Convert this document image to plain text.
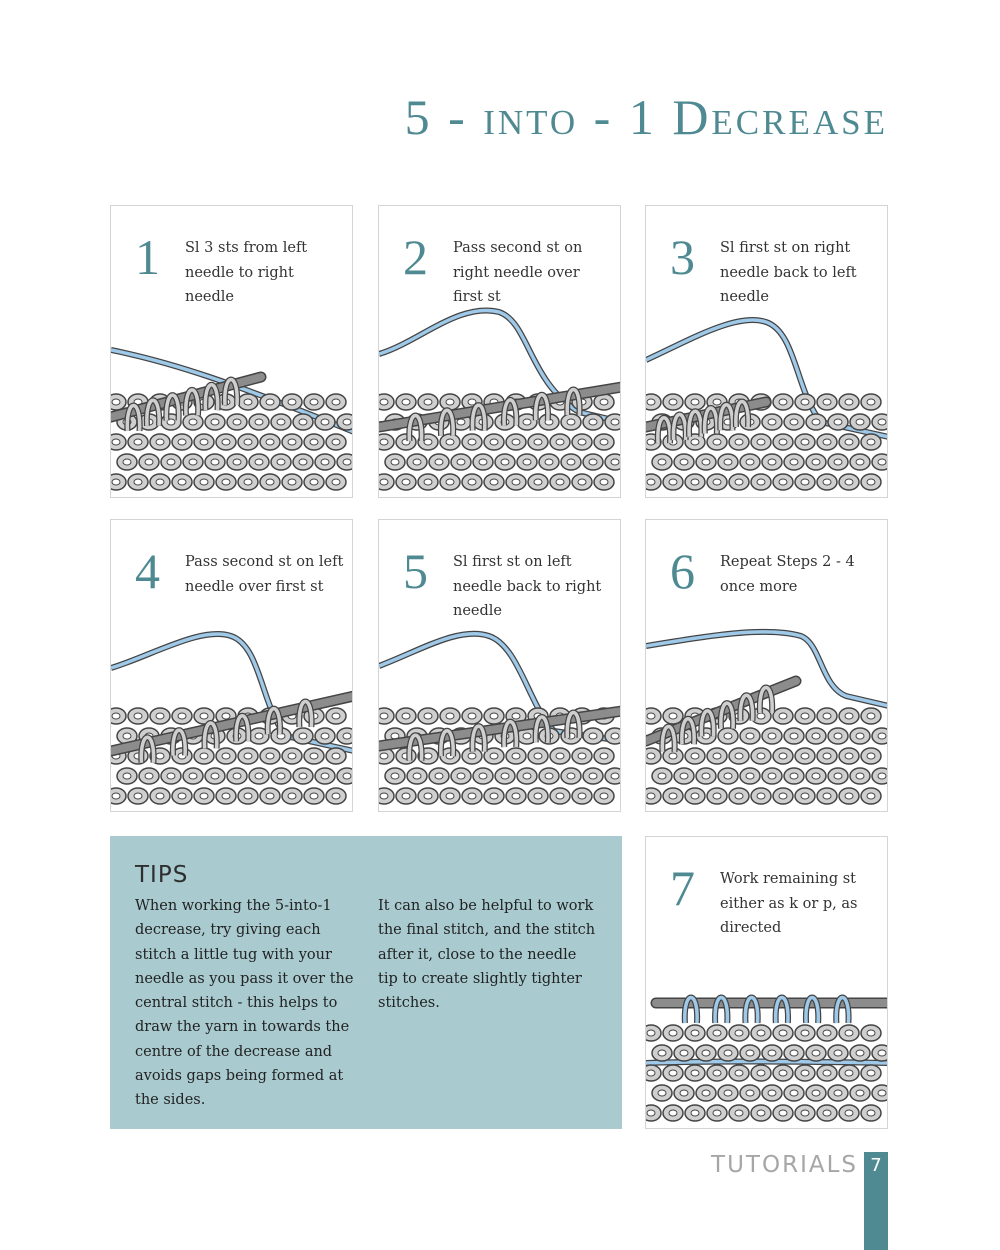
5 - into - 1 Decrease
1 Sl 3 sts from left needle to right needle
2 Pass second st on right needle over first st
3 Sl first st on right needle back to left needle
4 Pass second st on left needle over first st	5 Sl first st on left needle back to right needle
6 Repeat Steps 2 - 4 once more
TIPS

When working the 5-into-1 decrease, try giving each stitch a little tug with your needle as you pass it over the central stitch - this helps to draw the yarn in towards the centre of the decrease and avoids gaps being formed at the sides.

It can also be helpful to work the final stitch, and the stitch after it, close to the needle tip to create slightly tighter stitches.

7 Work remaining st either as k or p, as directed
TUTORIALS 7
